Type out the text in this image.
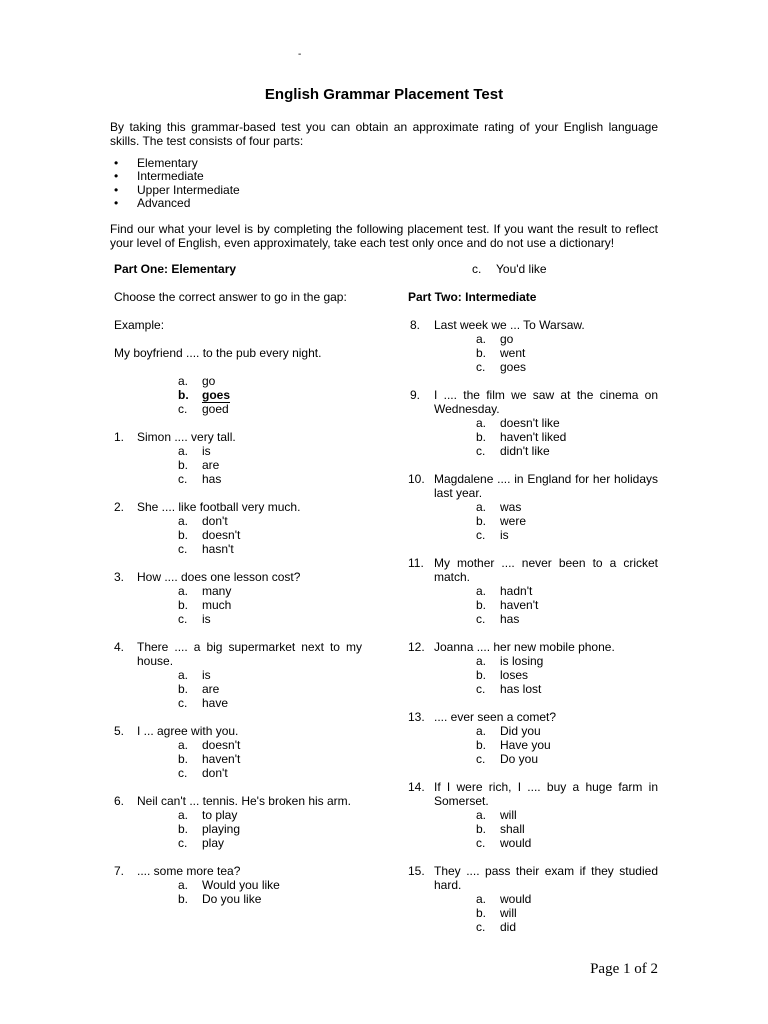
-
English Grammar Placement Test
By taking this grammar-based test you can obtain an approximate rating of your English language skills. The test consists of four parts:
• Elementary
• Intermediate
• Upper Intermediate
• Advanced
Find our what your level is by completing the following placement test. If you want the result to reflect your level of English, even approximately, take each test only once and do not use a dictionary!
Part One: Elementary
Choose the correct answer to go in the gap:
Example:
My boyfriend .... to the pub every night.
a.	go
b.	goes
c.	goed
1. Simon .... very tall.
a.	is
b.	are
c.	has
2. She .... like football very much.
a.	don't
b.	doesn't
c.	hasn't
3. How .... does one lesson cost?
a.	many
b.	much
c.	is
4. There .... a big supermarket next to my house.
a.	is
b.	are
c.	have
5. I ... agree with you.
a.	doesn't
b.	haven't
c.	don't
6. Neil can't ... tennis. He's broken his arm.
a.	to play
b.	playing
c.	play
7. .... some more tea?
a.	Would you like
b.	Do you like
c.	You'd like
Part Two: Intermediate
8. Last week we ... To Warsaw.
a.	go
b.	went
c.	goes
9. I .... the film we saw at the cinema on Wednesday.
a.	doesn't like
b.	haven't liked
c.	didn't like
10. Magdalene .... in England for her holidays last year.
a.	was
b.	were
c.	is
11. My mother .... never been to a cricket match.
a.	hadn't
b.	haven't
c.	has
12. Joanna .... her new mobile phone.
a.	is losing
b.	loses
c.	has lost
13. .... ever seen a comet?
a.	Did you
b.	Have you
c.	Do you
14. If I were rich, I .... buy a huge farm in Somerset.
a.	will
b.	shall
c.	would
15. They .... pass their exam if they studied hard.
a.	would
b.	will
c.	did
Page 1 of 2
